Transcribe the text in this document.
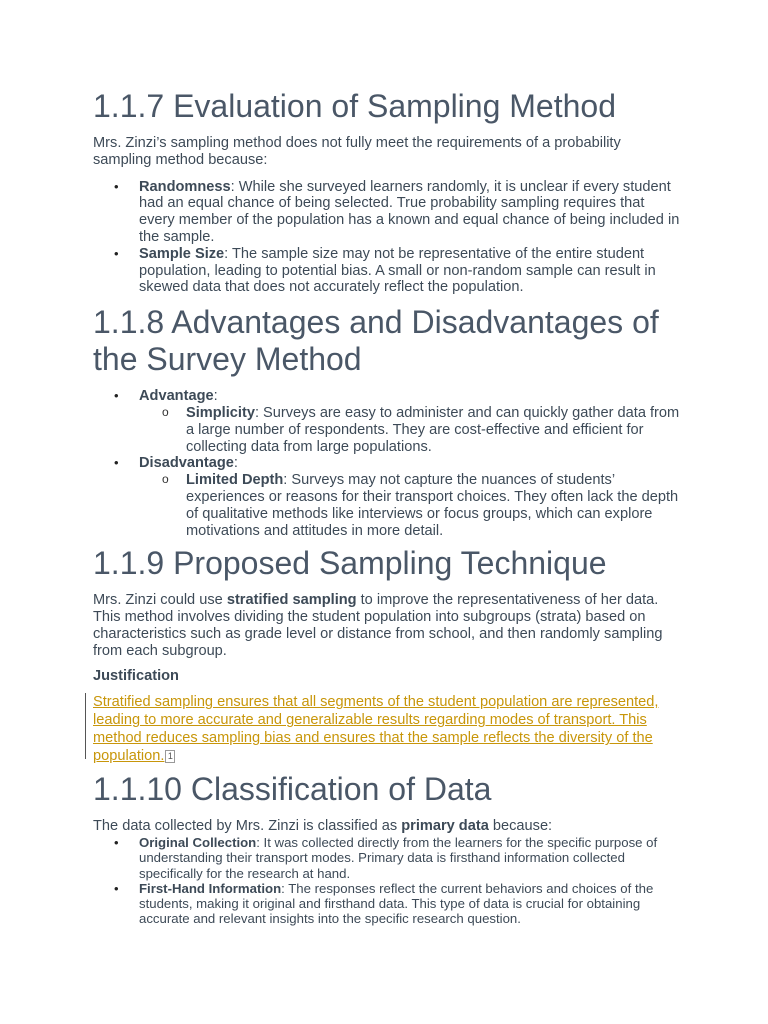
1.1.7 Evaluation of Sampling Method

Mrs. Zinzi’s sampling method does not fully meet the requirements of a probability sampling method because:

• Randomness: While she surveyed learners randomly, it is unclear if every student had an equal chance of being selected. True probability sampling requires that every member of the population has a known and equal chance of being included in the sample.
• Sample Size: The sample size may not be representative of the entire student population, leading to potential bias. A small or non-random sample can result in skewed data that does not accurately reflect the population.
1.1.8 Advantages and Disadvantages of the Survey Method
• Advantage:
o Simplicity: Surveys are easy to administer and can quickly gather data from a large number of respondents. They are cost-effective and efficient for collecting data from large populations.
• Disadvantage:
o Limited Depth: Surveys may not capture the nuances of students’ experiences or reasons for their transport choices. They often lack the depth of qualitative methods like interviews or focus groups, which can explore motivations and attitudes in more detail.
1.1.9 Proposed Sampling Technique

Mrs. Zinzi could use stratified sampling to improve the representativeness of her data. This method involves dividing the student population into subgroups (strata) based on characteristics such as grade level or distance from school, and then randomly sampling from each subgroup.

Justification
Stratified sampling ensures that all segments of the student population are represented, leading to more accurate and generalizable results regarding modes of transport. This method reduces sampling bias and ensures that the sample reflects the diversity of the population. 1
1.1.10 Classification of Data

The data collected by Mrs. Zinzi is classified as primary data because:

• Original Collection: It was collected directly from the learners for the specific purpose of understanding their transport modes. Primary data is firsthand information collected specifically for the research at hand.
• First-Hand Information: The responses reflect the current behaviors and choices of the students, making it original and firsthand data. This type of data is crucial for obtaining accurate and relevant insights into the specific research question.
